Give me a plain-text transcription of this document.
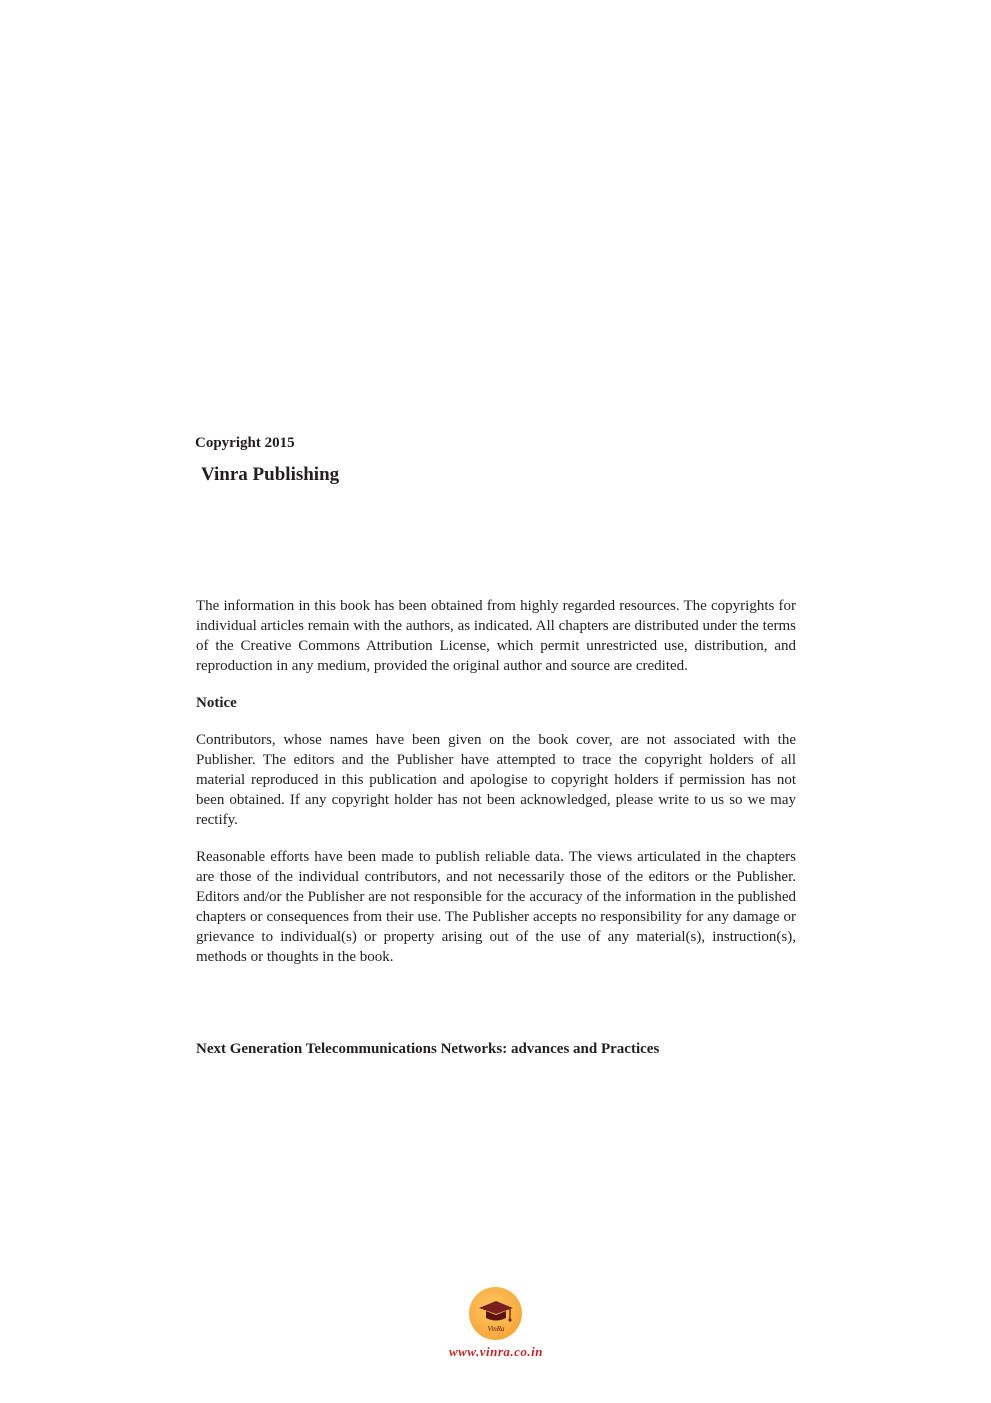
Copyright 2015
Vinra Publishing

The information in this book has been obtained from highly regarded resources. The copyrights for individual articles remain with the authors, as indicated. All chapters are distributed under the terms of the Creative Commons Attribution License, which permit unrestricted use, distribution, and reproduction in any medium, provided the original author and source are credited.

Notice

Contributors, whose names have been given on the book cover, are not associated with the Publisher. The editors and the Publisher have attempted to trace the copyright holders of all material reproduced in this publication and apologise to copyright holders if permission has not been obtained. If any copyright holder has not been acknowledged, please write to us so we may rectify.

Reasonable efforts have been made to publish reliable data. The views articulated in the chapters are those of the individual contributors, and not necessarily those of the editors or the Publisher. Editors and/or the Publisher are not responsible for the accuracy of the information in the published chapters or consequences from their use. The Publisher accepts no responsibility for any damage or grievance to individual(s) or property arising out of the use of any material(s), instruction(s), methods or thoughts in the book.

Next Generation Telecommunications Networks: advances and Practices
VinRa
www.vinra.co.in
